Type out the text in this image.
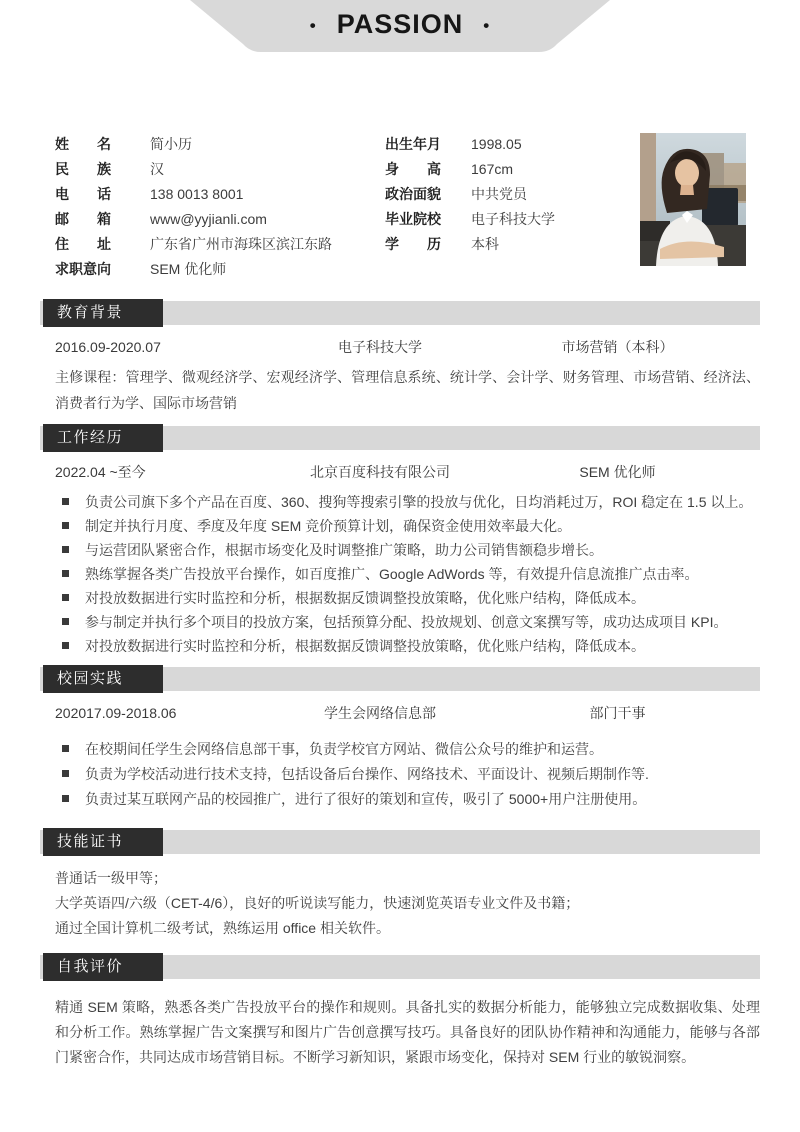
• PASSION •
姓　　名	简小历
民　　族	汉
电　　话	138 0013 8001
邮　　箱	www@yyjianli.com
住　　址	广东省广州市海珠区滨江东路
求职意向	SEM 优化师
出生年月 1998.05
身　　高 167cm
政治面貌 中共党员
毕业院校 电子科技大学
学　　历 本科
教育背景
2016.09-2020.07	电子科技大学	市场营销（本科）

主修课程：管理学、微观经济学、宏观经济学、管理信息系统、统计学、会计学、财务管理、市场营销、经济法、消费者行为学、国际市场营销

工作经历
2022.04 ~至今	北京百度科技有限公司	SEM 优化师
负责公司旗下多个产品在百度、360、搜狗等搜索引擎的投放与优化，日均消耗过万，ROI 稳定在 1.5 以上。
制定并执行月度、季度及年度 SEM 竞价预算计划，确保资金使用效率最大化。
与运营团队紧密合作，根据市场变化及时调整推广策略，助力公司销售额稳步增长。
熟练掌握各类广告投放平台操作，如百度推广、Google AdWords 等，有效提升信息流推广点击率。
对投放数据进行实时监控和分析，根据数据反馈调整投放策略，优化账户结构，降低成本。
参与制定并执行多个项目的投放方案，包括预算分配、投放规划、创意文案撰写等，成功达成项目 KPI。
对投放数据进行实时监控和分析，根据数据反馈调整投放策略，优化账户结构，降低成本。
校园实践
202017.09-2018.06	学生会网络信息部	部门干事
在校期间任学生会网络信息部干事，负责学校官方网站、微信公众号的维护和运营。
负责为学校活动进行技术支持，包括设备后台操作、网络技术、平面设计、视频后期制作等.
负责过某互联网产品的校园推广，进行了很好的策划和宣传，吸引了 5000+用户注册使用。
技能证书
普通话一级甲等；
大学英语四/六级（CET-4/6），良好的听说读写能力，快速浏览英语专业文件及书籍；
通过全国计算机二级考试，熟练运用 office 相关软件。
自我评价

精通 SEM 策略，熟悉各类广告投放平台的操作和规则。具备扎实的数据分析能力，能够独立完成数据收集、处理和分析工作。熟练掌握广告文案撰写和图片广告创意撰写技巧。具备良好的团队协作精神和沟通能力，能够与各部门紧密合作，共同达成市场营销目标。不断学习新知识，紧跟市场变化，保持对 SEM 行业的敏锐洞察。
